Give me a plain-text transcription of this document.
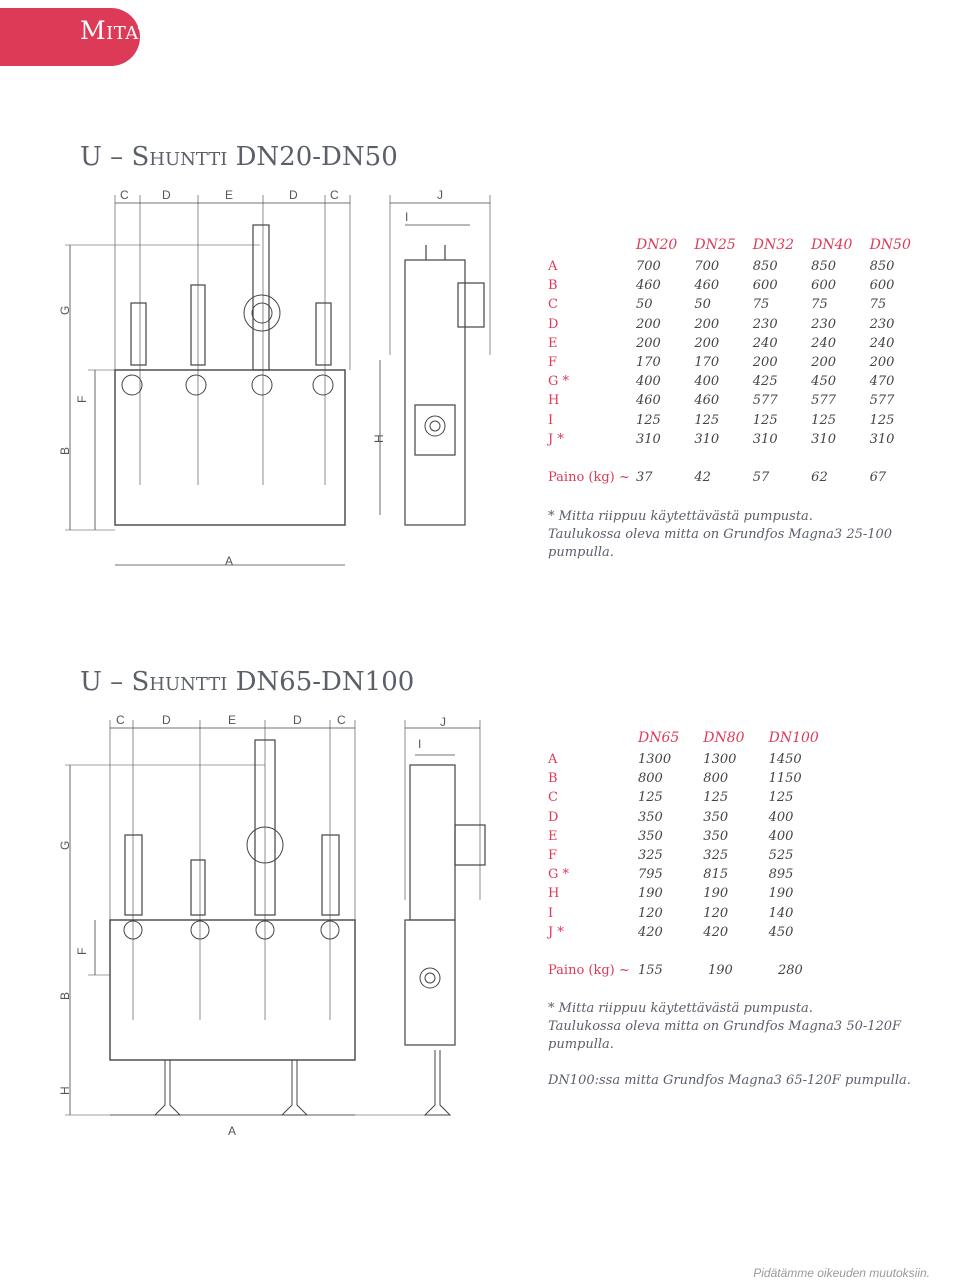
Mitat
U – Shuntti DN20-DN50
C	D	E	D	C	J
I
A
G
B
F
H
	DN20	DN25	DN32	DN40	DN50
A	700	700	850	850	850
B	460	460	600	600	600
C	50	50	75	75	75
D	200	200	230	230	230
E	200	200	240	240	240
F	170	170	200	200	200
G *	400	400	425	450	470
H	460	460	577	577	577
I	125	125	125	125	125
J *	310	310	310	310	310
Paino (kg) ~	37	42	57	62	67
* Mitta riippuu käytettävästä pumpusta.
Taulukossa oleva mitta on Grundfos Magna3 25-100 pumpulla.
U – Shuntti DN65-DN100
C	D	E	D	C	J
I
A
G
B
F
H
	DN65	DN80	DN100
A	1300	1300	1450
B	800	800	1150
C	125	125	125
D	350	350	400
E	350	350	400
F	325	325	525
G *	795	815	895
H	190	190	190
I	120	120	140
J *	420	420	450
Paino (kg) ~	155	190	280
* Mitta riippuu käytettävästä pumpusta.
Taulukossa oleva mitta on Grundfos Magna3 50-120F pumpulla.
DN100:ssa mitta Grundfos Magna3 65-120F pumpulla.
Pidätämme oikeuden muutoksiin.
